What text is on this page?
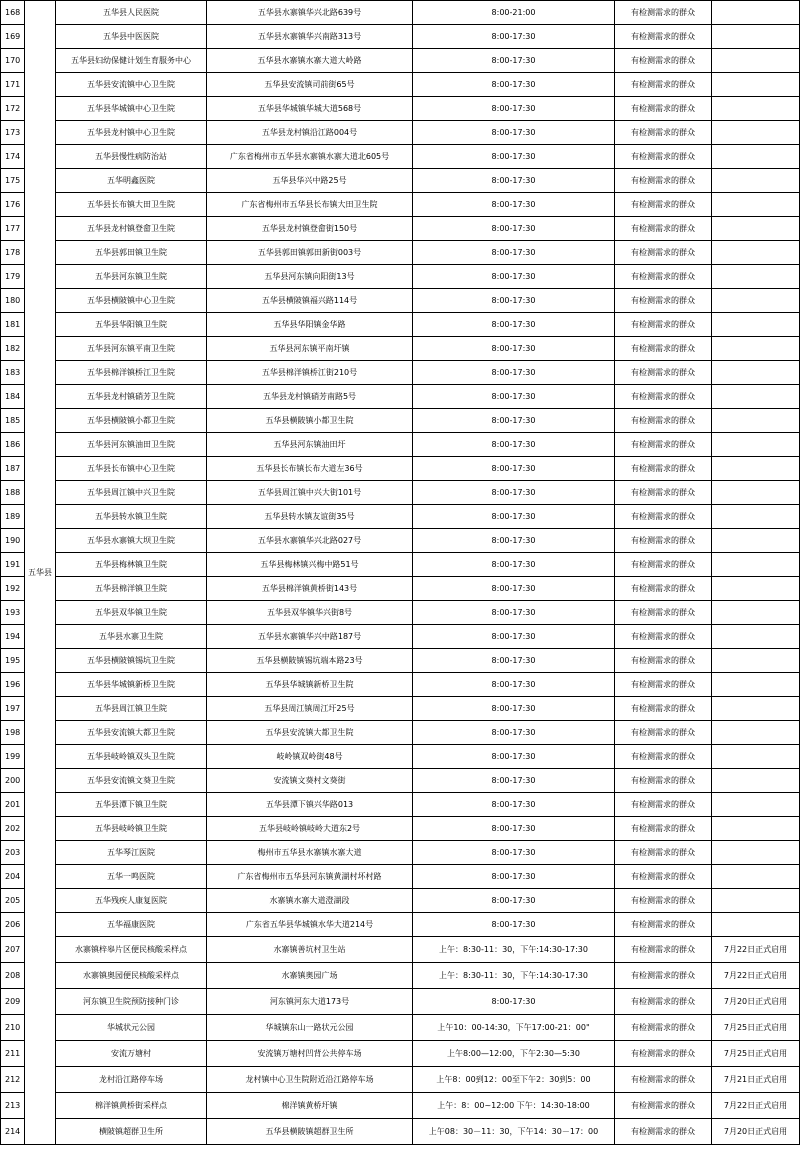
168	五华县	五华县人民医院	五华县水寨镇华兴北路639号	8:00-21:00	有检测需求的群众	
169		五华县中医医院	五华县水寨镇华兴南路313号	8:00-17:30	有检测需求的群众	
170		五华县妇幼保健计划生育服务中心	五华县水寨镇水寨大道大岭路	8:00-17:30	有检测需求的群众	
171		五华县安流镇中心卫生院	五华县安流镇司前街65号	8:00-17:30	有检测需求的群众	
172		五华县华城镇中心卫生院	五华县华城镇华城大道568号	8:00-17:30	有检测需求的群众	
173		五华县龙村镇中心卫生院	五华县龙村镇沿江路004号	8:00-17:30	有检测需求的群众	
174		五华县慢性病防治站	广东省梅州市五华县水寨镇水寨大道北605号	8:00-17:30	有检测需求的群众	
175		五华明鑫医院	五华县华兴中路25号	8:00-17:30	有检测需求的群众	
176		五华县长布镇大田卫生院	广东省梅州市五华县长布镇大田卫生院	8:00-17:30	有检测需求的群众	
177		五华县龙村镇登畲卫生院	五华县龙村镇登畲街150号	8:00-17:30	有检测需求的群众	
178		五华县郭田镇卫生院	五华县郭田镇郭田新街003号	8:00-17:30	有检测需求的群众	
179		五华县河东镇卫生院	五华县河东镇向阳街13号	8:00-17:30	有检测需求的群众	
180		五华县横陂镇中心卫生院	五华县横陂镇福兴路114号	8:00-17:30	有检测需求的群众	
181		五华县华阳镇卫生院	五华县华阳镇金华路	8:00-17:30	有检测需求的群众	
182		五华县河东镇平南卫生院	五华县河东镇平南圩镇	8:00-17:30	有检测需求的群众	
183		五华县棉洋镇桥江卫生院	五华县棉洋镇桥江街210号	8:00-17:30	有检测需求的群众	
184		五华县龙村镇硝芳卫生院	五华县龙村镇硝芳南路5号	8:00-17:30	有检测需求的群众	
185		五华县横陂镇小都卫生院	五华县横陂镇小都卫生院	8:00-17:30	有检测需求的群众	
186		五华县河东镇油田卫生院	五华县河东镇油田圩	8:00-17:30	有检测需求的群众	
187		五华县长布镇中心卫生院	五华县长布镇长布大道左36号	8:00-17:30	有检测需求的群众	
188		五华县周江镇中兴卫生院	五华县周江镇中兴大街101号	8:00-17:30	有检测需求的群众	
189		五华县转水镇卫生院	五华县转水镇友谊街35号	8:00-17:30	有检测需求的群众	
190		五华县水寨镇大坝卫生院	五华县水寨镇华兴北路027号	8:00-17:30	有检测需求的群众	
191		五华县梅林镇卫生院	五华县梅林镇兴梅中路51号	8:00-17:30	有检测需求的群众	
192		五华县棉洋镇卫生院	五华县棉洋镇黄桥街143号	8:00-17:30	有检测需求的群众	
193		五华县双华镇卫生院	五华县双华镇华兴街8号	8:00-17:30	有检测需求的群众	
194		五华县水寨卫生院	五华县水寨镇华兴中路187号	8:00-17:30	有检测需求的群众	
195		五华县横陂镇锡坑卫生院	五华县横陂镇锡坑端本路23号	8:00-17:30	有检测需求的群众	
196		五华县华城镇新桥卫生院	五华县华城镇新桥卫生院	8:00-17:30	有检测需求的群众	
197		五华县周江镇卫生院	五华县周江镇周江圩25号	8:00-17:30	有检测需求的群众	
198		五华县安流镇大都卫生院	五华县安流镇大都卫生院	8:00-17:30	有检测需求的群众	
199		五华县岐岭镇双头卫生院	岐岭镇双岭街48号	8:00-17:30	有检测需求的群众	
200		五华县安流镇文葵卫生院	安流镇文葵村文葵街	8:00-17:30	有检测需求的群众	
201		五华县潭下镇卫生院	五华县潭下镇兴华路013	8:00-17:30	有检测需求的群众	
202		五华县岐岭镇卫生院	五华县岐岭镇岐岭大道东2号	8:00-17:30	有检测需求的群众	
203		五华琴江医院	梅州市五华县水寨镇水寨大道	8:00-17:30	有检测需求的群众	
204		五华一鸣医院	广东省梅州市五华县河东镇黄湖村坏村路	8:00-17:30	有检测需求的群众	
205		五华残疾人康复医院	水寨镇水寨大道澄湖段	8:00-17:30	有检测需求的群众	
206		五华福康医院	广东省五华县华城镇水华大道214号	8:00-17:30	有检测需求的群众	
207		水寨镇梓皋片区便民核酸采样点	水寨镇善坑村卫生站	上午：8:30-11：30，下午:14:30-17:30	有检测需求的群众	7月22日正式启用
208		水寨镇奥园便民核酸采样点	水寨镇奥园广场	上午：8:30-11：30，下午:14:30-17:30	有检测需求的群众	7月22日正式启用
209		河东镇卫生院预防接种门诊	河东镇河东大道173号	8:00-17:30	有检测需求的群众	7月20日正式启用
210		华城状元公园	华城镇东山一路状元公园	上午10：00-14:30，下午17:00-21：00"	有检测需求的群众	7月25日正式启用
211		安流万塘村	安流镇万塘村凹背公共停车场	上午8:00—12:00，下午2:30—5:30	有检测需求的群众	7月25日正式启用
212		龙村沿江路停车场	龙村镇中心卫生院附近沿江路停车场	上午8：00到12：00至下午2：30到5：00	有检测需求的群众	7月21日正式启用
213		棉洋镇黄桥街采样点	棉洋镇黄桥圩镇	上午：8：00~12:00 下午：14:30-18:00	有检测需求的群众	7月22日正式启用
214		横陂镇超群卫生所	五华县横陂镇超群卫生所	上午08：30－11：30，下午14：30－17：00	有检测需求的群众	7月20日正式启用
